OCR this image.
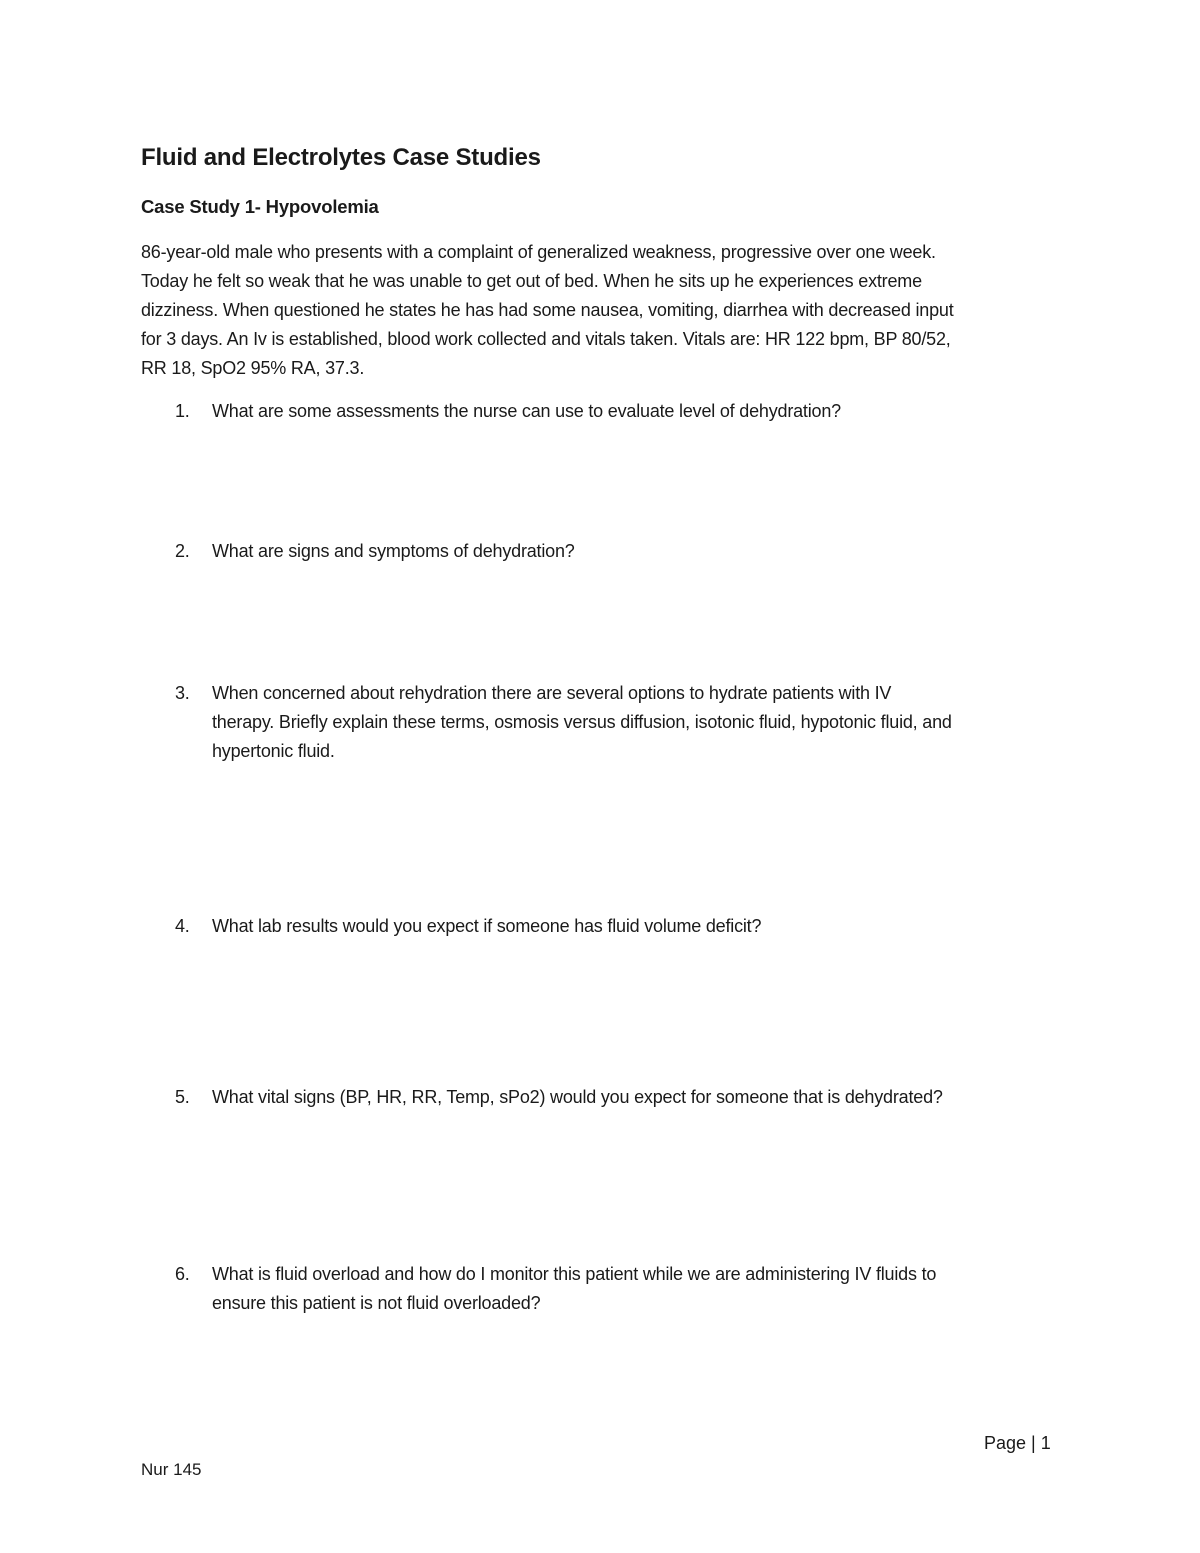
Fluid and Electrolytes Case Studies
Case Study 1- Hypovolemia
86-year-old male who presents with a complaint of generalized weakness, progressive over one week.
Today he felt so weak that he was unable to get out of bed. When he sits up he experiences extreme
dizziness. When questioned he states he has had some nausea, vomiting, diarrhea with decreased input
for 3 days. An Iv is established, blood work collected and vitals taken. Vitals are: HR 122 bpm, BP 80/52,
RR 18, SpO2 95% RA, 37.3.
1. What are some assessments the nurse can use to evaluate level of dehydration?
2. What are signs and symptoms of dehydration?
3. When concerned about rehydration there are several options to hydrate patients with IV
therapy. Briefly explain these terms, osmosis versus diffusion, isotonic fluid, hypotonic fluid, and
hypertonic fluid.
4. What lab results would you expect if someone has fluid volume deficit?
5. What vital signs (BP, HR, RR, Temp, sPo2) would you expect for someone that is dehydrated?
6. What is fluid overload and how do I monitor this patient while we are administering IV fluids to
ensure this patient is not fluid overloaded?
Page | 1
Nur 145
